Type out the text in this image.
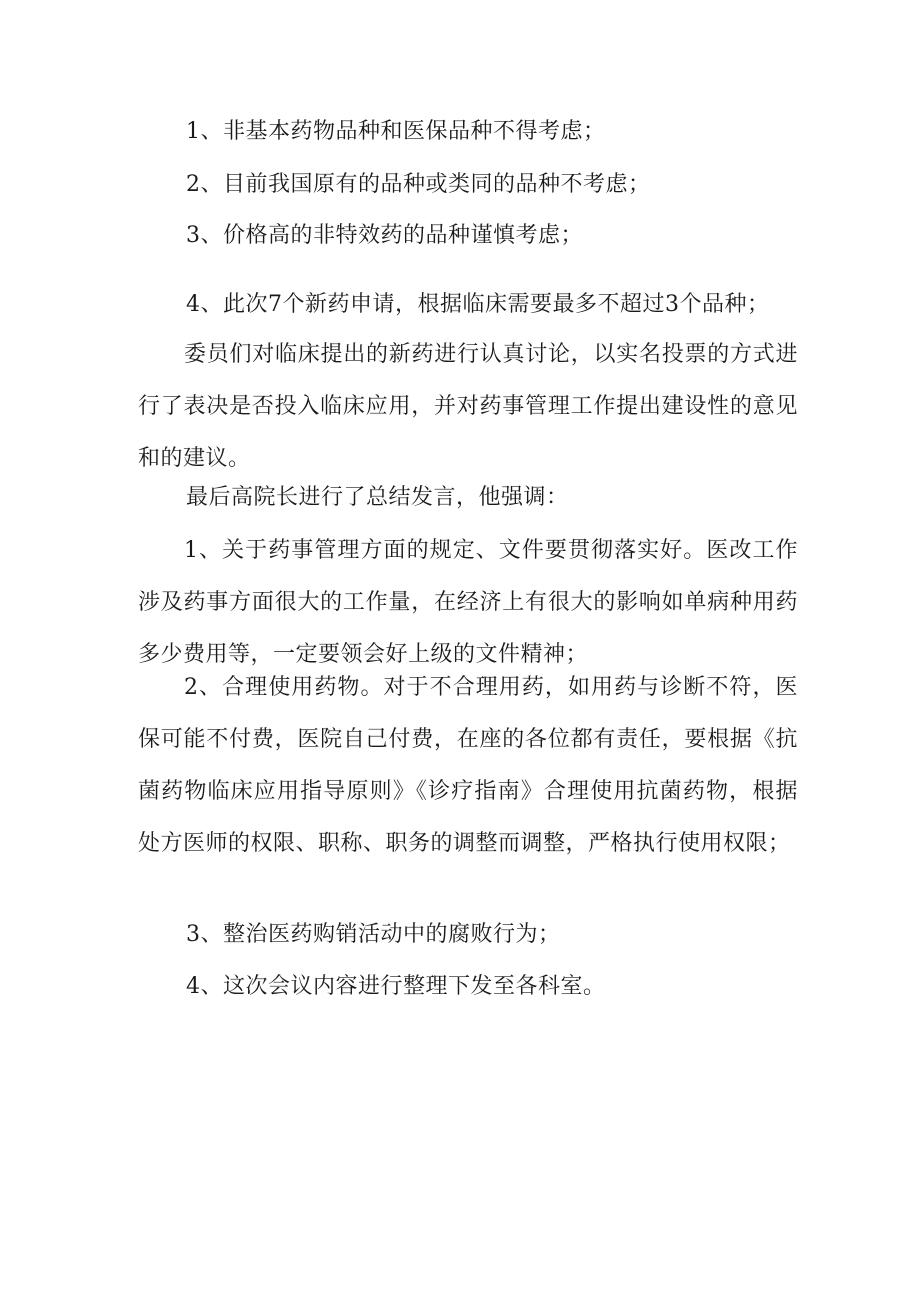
1、非基本药物品种和医保品种不得考虑；
2、目前我国原有的品种或类同的品种不考虑；
3、价格高的非特效药的品种谨慎考虑；
4、此次7个新药申请，根据临床需要最多不超过3个品种；

委员们对临床提出的新药进行认真讨论，以实名投票的方式进行了表决是否投入临床应用，并对药事管理工作提出建设性的意见和的建议。

最后高院长进行了总结发言，他强调：

1、关于药事管理方面的规定、文件要贯彻落实好。医改工作涉及药事方面很大的工作量，在经济上有很大的影响如单病种用药多少费用等，一定要领会好上级的文件精神；

2、合理使用药物。对于不合理用药，如用药与诊断不符，医保可能不付费，医院自己付费，在座的各位都有责任，要根据《抗菌药物临床应用指导原则》《诊疗指南》合理使用抗菌药物，根据处方医师的权限、职称、职务的调整而调整，严格执行使用权限；

3、整治医药购销活动中的腐败行为；
4、这次会议内容进行整理下发至各科室。
